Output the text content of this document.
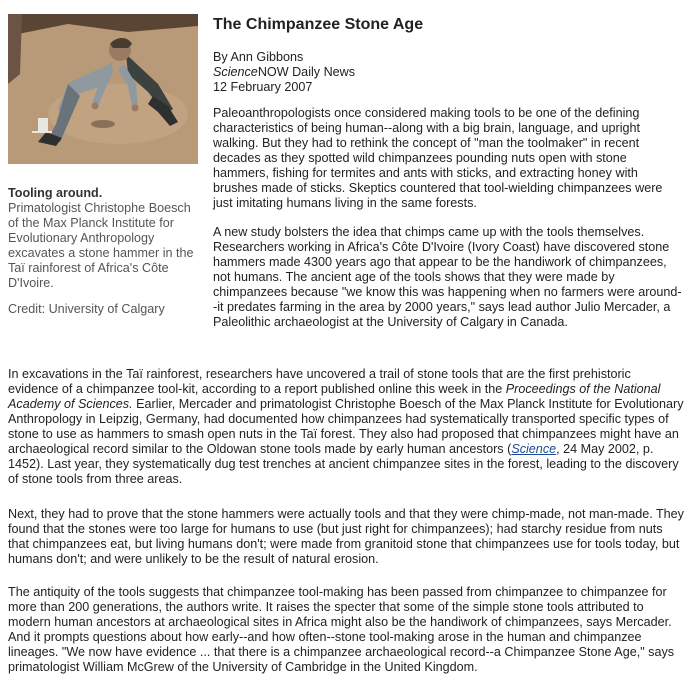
Tooling around.
Primatologist Christophe Boesch of the Max Planck Institute for Evolutionary Anthropology excavates a stone hammer in the Taï rainforest of Africa's Côte D'Ivoire.
Credit: University of Calgary
The Chimpanzee Stone Age
By Ann Gibbons
ScienceNOW Daily News
12 February 2007

Paleoanthropologists once considered making tools to be one of the defining characteristics of being human--along with a big brain, language, and upright walking. But they had to rethink the concept of "man the toolmaker" in recent decades as they spotted wild chimpanzees pounding nuts open with stone hammers, fishing for termites and ants with sticks, and extracting honey with brushes made of sticks. Skeptics countered that tool-wielding chimpanzees were just imitating humans living in the same forests.

A new study bolsters the idea that chimps came up with the tools themselves. Researchers working in Africa's Côte D'Ivoire (Ivory Coast) have discovered stone hammers made 4300 years ago that appear to be the handiwork of chimpanzees, not humans. The ancient age of the tools shows that they were made by chimpanzees because "we know this was happening when no farmers were around--it predates farming in the area by 2000 years," says lead author Julio Mercader, a Paleolithic archaeologist at the University of Calgary in Canada.

In excavations in the Taï rainforest, researchers have uncovered a trail of stone tools that are the first prehistoric evidence of a chimpanzee tool-kit, according to a report published online this week in the Proceedings of the National Academy of Sciences. Earlier, Mercader and primatologist Christophe Boesch of the Max Planck Institute for Evolutionary Anthropology in Leipzig, Germany, had documented how chimpanzees had systematically transported specific types of stone to use as hammers to smash open nuts in the Taï forest. They also had proposed that chimpanzees might have an archaeological record similar to the Oldowan stone tools made by early human ancestors (Science, 24 May 2002, p. 1452). Last year, they systematically dug test trenches at ancient chimpanzee sites in the forest, leading to the discovery of stone tools from three areas.

Next, they had to prove that the stone hammers were actually tools and that they were chimp-made, not man-made. They found that the stones were too large for humans to use (but just right for chimpanzees); had starchy residue from nuts that chimpanzees eat, but living humans don't; were made from granitoid stone that chimpanzees use for tools today, but humans don't; and were unlikely to be the result of natural erosion.

The antiquity of the tools suggests that chimpanzee tool-making has been passed from chimpanzee to chimpanzee for more than 200 generations, the authors write. It raises the specter that some of the simple stone tools attributed to modern human ancestors at archaeological sites in Africa might also be the handiwork of chimpanzees, says Mercader. And it prompts questions about how early--and how often--stone tool-making arose in the human and chimpanzee lineages. "We now have evidence ... that there is a chimpanzee archaeological record--a Chimpanzee Stone Age," says primatologist William McGrew of the University of Cambridge in the United Kingdom.
